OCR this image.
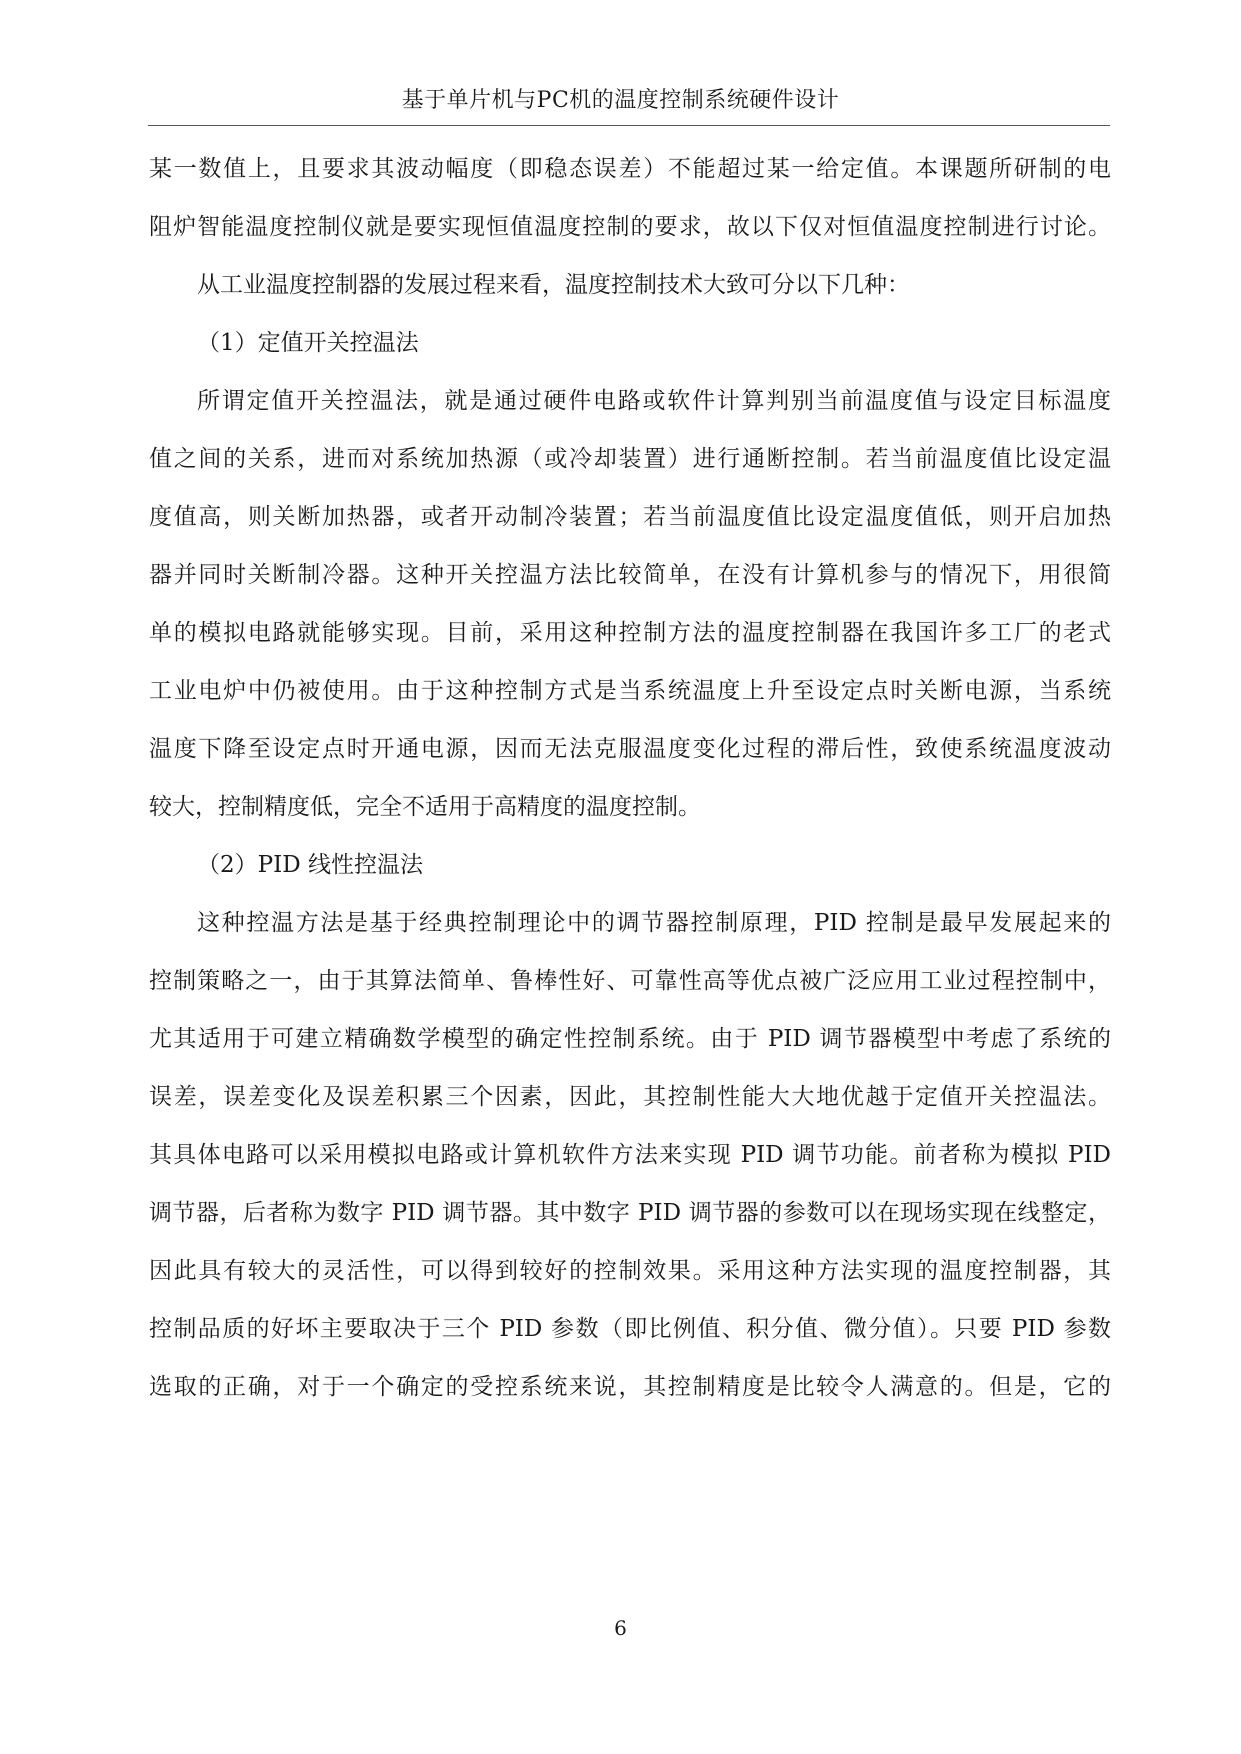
基于单片机与PC机的温度控制系统硬件设计
某一数值上，且要求其波动幅度（即稳态误差）不能超过某一给定值。本课题所研制的电
阻炉智能温度控制仪就是要实现恒值温度控制的要求，故以下仅对恒值温度控制进行讨论。
从工业温度控制器的发展过程来看，温度控制技术大致可分以下几种：
（1）定值开关控温法
所谓定值开关控温法，就是通过硬件电路或软件计算判别当前温度值与设定目标温度
值之间的关系，进而对系统加热源（或冷却装置）进行通断控制。若当前温度值比设定温
度值高，则关断加热器，或者开动制冷装置；若当前温度值比设定温度值低，则开启加热
器并同时关断制冷器。这种开关控温方法比较简单，在没有计算机参与的情况下，用很简
单的模拟电路就能够实现。目前，采用这种控制方法的温度控制器在我国许多工厂的老式
工业电炉中仍被使用。由于这种控制方式是当系统温度上升至设定点时关断电源，当系统
温度下降至设定点时开通电源，因而无法克服温度变化过程的滞后性，致使系统温度波动
较大，控制精度低，完全不适用于高精度的温度控制。
（2）PID 线性控温法
这种控温方法是基于经典控制理论中的调节器控制原理，PID 控制是最早发展起来的
控制策略之一，由于其算法简单、鲁棒性好、可靠性高等优点被广泛应用工业过程控制中，
尤其适用于可建立精确数学模型的确定性控制系统。由于 PID 调节器模型中考虑了系统的
误差，误差变化及误差积累三个因素，因此，其控制性能大大地优越于定值开关控温法。
其具体电路可以采用模拟电路或计算机软件方法来实现 PID 调节功能。前者称为模拟 PID
调节器，后者称为数字 PID 调节器。其中数字 PID 调节器的参数可以在现场实现在线整定，
因此具有较大的灵活性，可以得到较好的控制效果。采用这种方法实现的温度控制器，其
控制品质的好坏主要取决于三个 PID 参数（即比例值、积分值、微分值）。只要 PID 参数
选取的正确，对于一个确定的受控系统来说，其控制精度是比较令人满意的。但是，它的
6
